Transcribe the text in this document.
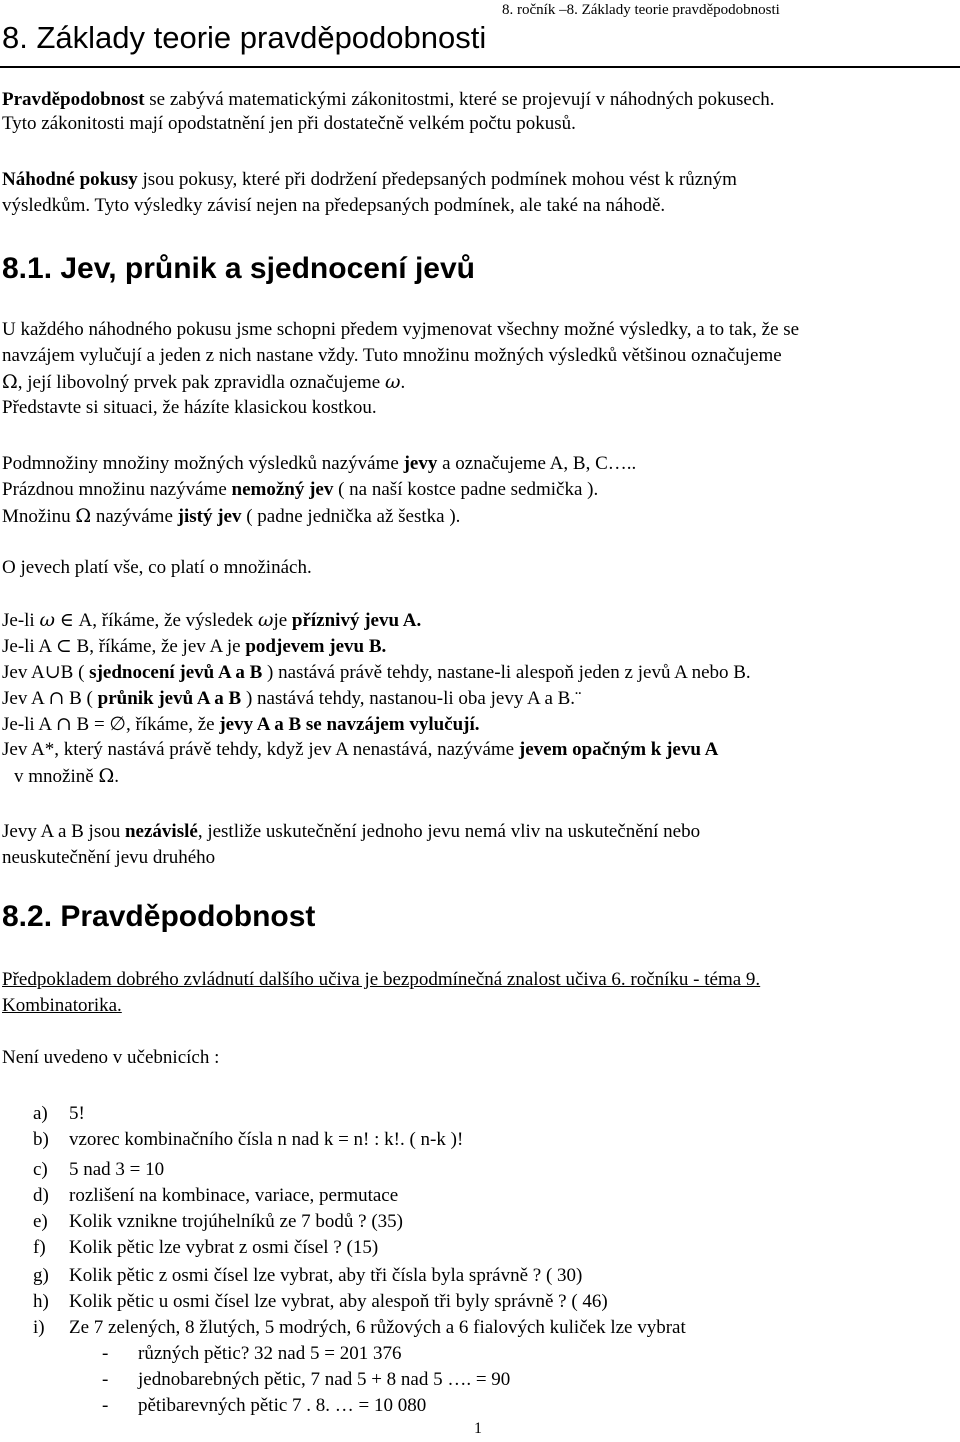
8. ročník –8. Základy teorie pravděpodobnosti
8. Základy teorie pravděpodobnosti
Pravděpodobnost se zabývá matematickými zákonitostmi, které se projevují v náhodných pokusech.
Tyto zákonitosti mají opodstatnění jen při dostatečně velkém počtu pokusů.
Náhodné pokusy jsou pokusy, které při dodržení předepsaných podmínek mohou vést k různým
výsledkům. Tyto výsledky závisí nejen na předepsaných podmínek, ale také na náhodě.
8.1. Jev, průnik a sjednocení jevů
U každého náhodného pokusu jsme schopni předem vyjmenovat všechny možné výsledky, a to tak, že se
navzájem vylučují a jeden z nich nastane vždy. Tuto množinu možných výsledků většinou označujeme
Ω, její libovolný prvek pak zpravidla označujeme ω.
Představte si situaci, že házíte klasickou kostkou.
Podmnožiny množiny možných výsledků nazýváme jevy a označujeme A, B, C…..
Prázdnou množinu nazýváme nemožný jev ( na naší kostce padne sedmička ).
Množinu Ω nazýváme jistý jev ( padne jednička až šestka ).
O jevech platí vše, co platí o množinách.
Je-li ω ∈ A, říkáme, že výsledek ωje příznivý jevu A.
Je-li A ⊂ B, říkáme, že jev A je podjevem jevu B.
Jev A∪B ( sjednocení jevů A a B ) nastává právě tehdy, nastane-li alespoň jeden z jevů A nebo B.
Jev A ∩ B ( průnik jevů A a B ) nastává tehdy, nastanou-li oba jevy A a B.¨
Je-li A ∩ B = ∅, říkáme, že jevy A a B se navzájem vylučují.
Jev A*, který nastává právě tehdy, když jev A nenastává, nazýváme jevem opačným k jevu A
v množině Ω.
Jevy A a B jsou nezávislé, jestliže uskutečnění jednoho jevu nemá vliv na uskutečnění nebo
neuskutečnění jevu druhého
8.2. Pravděpodobnost
Předpokladem dobrého zvládnutí dalšího učiva je bezpodmínečná znalost učiva 6. ročníku - téma 9.
Kombinatorika.
Není uvedeno v učebnicích :
a) 5!
b) vzorec kombinačního čísla n nad k = n! : k!. ( n-k )!
c) 5 nad 3 = 10
d) rozlišení na kombinace, variace, permutace
e) Kolik vznikne trojúhelníků ze 7 bodů ? (35)
f) Kolik pětic lze vybrat z osmi čísel ? (15)
g) Kolik pětic z osmi čísel lze vybrat, aby tři čísla byla správně ? ( 30)
h) Kolik pětic u osmi čísel lze vybrat, aby alespoň tři byly správně ? ( 46)
i) Ze 7 zelených, 8 žlutých, 5 modrých, 6 růžových a 6 fialových kuliček lze vybrat
- různých pětic? 32 nad 5 = 201 376
- jednobarebných pětic, 7 nad 5 + 8 nad 5 …. = 90
- pětibarevných pětic 7 . 8. … = 10 080
1
